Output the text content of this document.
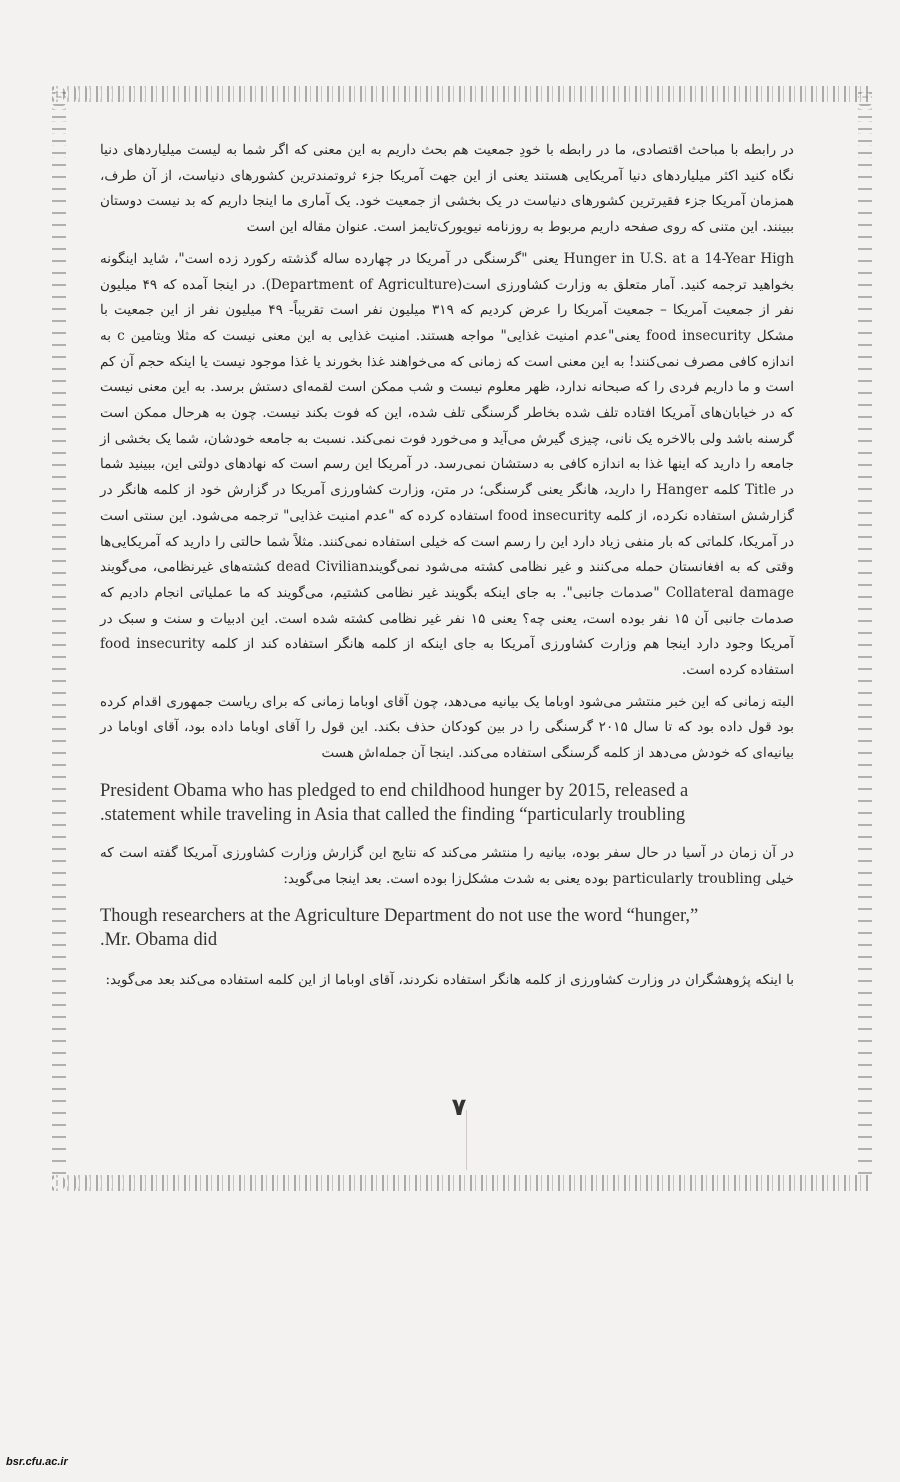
در رابطه با مباحث اقتصادی، ما در رابطه با خودِ جمعیت هم بحث داریم به این معنی که اگر شما به لیست میلیاردهای دنیا نگاه کنید اکثر میلیاردهای دنیا آمریکایی هستند یعنی از این جهت آمریکا جزء ثروتمندترین کشورهای دنیاست، از آن طرف، همزمان آمریکا جزء فقیرترین کشورهای دنیاست در یک بخشی از جمعیت خود. یک آماری ما اینجا داریم که بد نیست دوستان ببینند. این متنی که روی صفحه داریم مربوط به روزنامه نیویورک‌تایمز است. عنوان مقاله این است

Hunger in U.S. at a 14-Year High یعنی "گرسنگی در آمریکا در چهارده ساله گذشته رکورد زده است"، شاید اینگونه بخواهید ترجمه کنید. آمار متعلق به وزارت کشاورزی است(Department of Agriculture). در اینجا آمده که ۴۹ میلیون نفر از جمعیت آمریکا – جمعیت آمریکا را عرض کردیم که ۳۱۹ میلیون نفر است تقریباً- ۴۹ میلیون نفر از این جمعیت با مشکل food insecurity یعنی"عدم امنیت غذایی" مواجه هستند. امنیت غذایی به این معنی نیست که مثلا ویتامین c به اندازه کافی مصرف نمی‌کنند! به این معنی است که زمانی که می‌خواهند غذا بخورند یا غذا موجود نیست یا اینکه حجم آن کم است و ما داریم فردی را که صبحانه ندارد، ظهر معلوم نیست و شب ممکن است لقمه‌ای دستش برسد. به این معنی نیست که در خیابان‌های آمریکا افتاده تلف شده بخاطر گرسنگی تلف شده، این که فوت بکند نیست. چون به هرحال ممکن است گرسنه باشد ولی بالاخره یک نانی، چیزی گیرش می‌آید و می‌خورد فوت نمی‌کند. نسبت به جامعه خودشان، شما یک بخشی از جامعه را دارید که اینها غذا به اندازه کافی به دستشان نمی‌رسد. در آمریکا این رسم است که نهادهای دولتی این، ببینید شما در Title کلمه Hanger را دارید، هانگر یعنی گرسنگی؛ در متن، وزارت کشاورزی آمریکا در گزارش خود از کلمه هانگر در گزارشش استفاده نکرده، از کلمه food insecurity استفاده کرده که "عدم امنیت غذایی" ترجمه می‌شود. این سنتی است در آمریکا، کلماتی که بار منفی زیاد دارد این را رسم است که خیلی استفاده نمی‌کنند. مثلاً شما حالتی را دارید که آمریکایی‌ها وقتی که به افغانستان حمله می‌کنند و غیر نظامی کشته می‌شود نمی‌گویندdead Civilian کشته‌های غیرنظامی، می‌گویند Collateral damage "صدمات جانبی". به جای اینکه بگویند غیر نظامی کشتیم، می‌گویند که ما عملیاتی انجام دادیم که صدمات جانبی آن ۱۵ نفر بوده است، یعنی چه؟ یعنی ۱۵ نفر غیر نظامی کشته شده است. این ادبیات و سنت و سبک در آمریکا وجود دارد اینجا هم وزارت کشاورزی آمریکا به جای اینکه از کلمه هانگر استفاده کند از کلمه food insecurity استفاده کرده است.

البته زمانی که این خبر منتشر می‌شود اوباما یک بیانیه می‌دهد، چون آقای اوباما زمانی که برای ریاست جمهوری اقدام کرده بود قول داده بود که تا سال ۲۰۱۵ گرسنگی را در بین کودکان حذف بکند. این قول را آقای اوباما داده بود، آقای اوباما در بیانیه‌ای که خودش می‌دهد از کلمه گرسنگی استفاده می‌کند. اینجا آن جمله‌اش هست

President Obama who has pledged to end childhood hunger by 2015, released a

.statement while traveling in Asia that called the finding “particularly troubling

در آن زمان در آسیا در حال سفر بوده، بیانیه را منتشر می‌کند که نتایج این گزارش وزارت کشاورزی آمریکا گفته است که خیلی particularly troubling بوده یعنی به شدت مشکل‌زا بوده است. بعد اینجا می‌گوید:

Though researchers at the Agriculture Department do not use the word “hunger,”

.Mr. Obama did

با اینکه پژوهشگران در وزارت کشاورزی از کلمه هانگر استفاده نکردند، آقای اوباما از این کلمه استفاده می‌کند بعد می‌گوید:

۷
bsr.cfu.ac.ir
